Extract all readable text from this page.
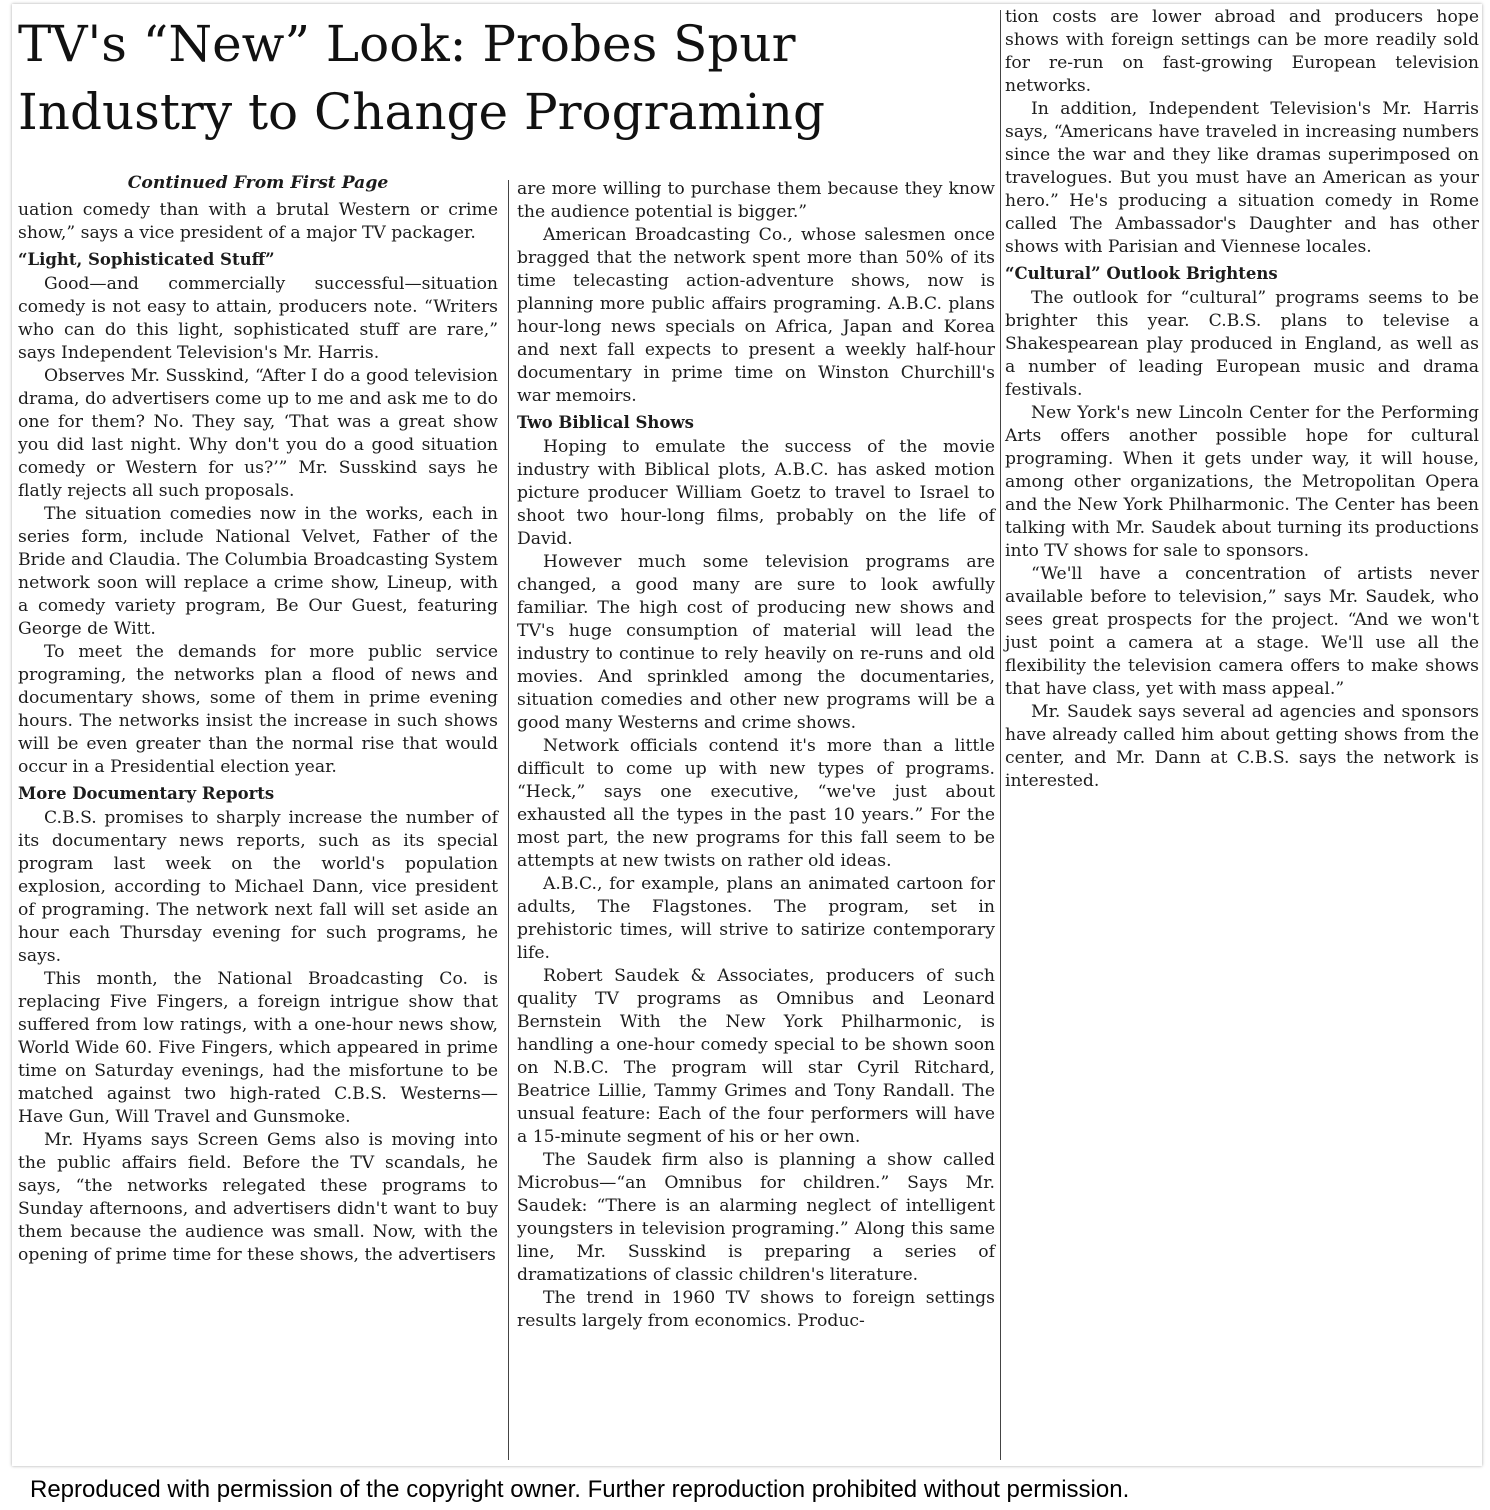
TV's “New” Look: Probes Spur Industry to Change Programing

Continued From First Page

uation comedy than with a brutal Western or crime show,” says a vice president of a major TV packager.

“Light, Sophisticated Stuff”

Good—and commercially successful—situation comedy is not easy to attain, producers note. “Writers who can do this light, sophisticated stuff are rare,” says Independent Television's Mr. Harris.

Observes Mr. Susskind, “After I do a good television drama, do advertisers come up to me and ask me to do one for them? No. They say, ‘That was a great show you did last night. Why don't you do a good situation comedy or Western for us?’” Mr. Susskind says he flatly rejects all such proposals.

The situation comedies now in the works, each in series form, include National Velvet, Father of the Bride and Claudia. The Columbia Broadcasting System network soon will replace a crime show, Lineup, with a comedy variety program, Be Our Guest, featuring George de Witt.

To meet the demands for more public service programing, the networks plan a flood of news and documentary shows, some of them in prime evening hours. The networks insist the increase in such shows will be even greater than the normal rise that would occur in a Presidential election year.

More Documentary Reports

C.B.S. promises to sharply increase the number of its documentary news reports, such as its special program last week on the world's population explosion, according to Michael Dann, vice president of programing. The network next fall will set aside an hour each Thursday evening for such programs, he says.

This month, the National Broadcasting Co. is replacing Five Fingers, a foreign intrigue show that suffered from low ratings, with a one-hour news show, World Wide 60. Five Fingers, which appeared in prime time on Saturday evenings, had the misfortune to be matched against two high-rated C.B.S. Westerns—Have Gun, Will Travel and Gunsmoke.

Mr. Hyams says Screen Gems also is moving into the public affairs field. Before the TV scandals, he says, “the networks relegated these programs to Sunday afternoons, and advertisers didn't want to buy them because the audience was small. Now, with the opening of prime time for these shows, the advertisers

are more willing to purchase them because they know the audience potential is bigger.”

American Broadcasting Co., whose salesmen once bragged that the network spent more than 50% of its time telecasting action-adventure shows, now is planning more public affairs programing. A.B.C. plans hour-long news specials on Africa, Japan and Korea and next fall expects to present a weekly half-hour documentary in prime time on Winston Churchill's war memoirs.

Two Biblical Shows

Hoping to emulate the success of the movie industry with Biblical plots, A.B.C. has asked motion picture producer William Goetz to travel to Israel to shoot two hour-long films, probably on the life of David.

However much some television programs are changed, a good many are sure to look awfully familiar. The high cost of producing new shows and TV's huge consumption of material will lead the industry to continue to rely heavily on re-runs and old movies. And sprinkled among the documentaries, situation comedies and other new programs will be a good many Westerns and crime shows.

Network officials contend it's more than a little difficult to come up with new types of programs. “Heck,” says one executive, “we've just about exhausted all the types in the past 10 years.” For the most part, the new programs for this fall seem to be attempts at new twists on rather old ideas.

A.B.C., for example, plans an animated cartoon for adults, The Flagstones. The program, set in prehistoric times, will strive to satirize contemporary life.

Robert Saudek & Associates, producers of such quality TV programs as Omnibus and Leonard Bernstein With the New York Philharmonic, is handling a one-hour comedy special to be shown soon on N.B.C. The program will star Cyril Ritchard, Beatrice Lillie, Tammy Grimes and Tony Randall. The unsual feature: Each of the four performers will have a 15-minute segment of his or her own.

The Saudek firm also is planning a show called Microbus—“an Omnibus for children.” Says Mr. Saudek: “There is an alarming neglect of intelligent youngsters in television programing.” Along this same line, Mr. Susskind is preparing a series of dramatizations of classic children's literature.

The trend in 1960 TV shows to foreign settings results largely from economics. Produc-

tion costs are lower abroad and producers hope shows with foreign settings can be more readily sold for re-run on fast-growing European television networks.

In addition, Independent Television's Mr. Harris says, “Americans have traveled in increasing numbers since the war and they like dramas superimposed on travelogues. But you must have an American as your hero.” He's producing a situation comedy in Rome called The Ambassador's Daughter and has other shows with Parisian and Viennese locales.

“Cultural” Outlook Brightens

The outlook for “cultural” programs seems to be brighter this year. C.B.S. plans to televise a Shakespearean play produced in England, as well as a number of leading European music and drama festivals.

New York's new Lincoln Center for the Performing Arts offers another possible hope for cultural programing. When it gets under way, it will house, among other organizations, the Metropolitan Opera and the New York Philharmonic. The Center has been talking with Mr. Saudek about turning its productions into TV shows for sale to sponsors.

“We'll have a concentration of artists never available before to television,” says Mr. Saudek, who sees great prospects for the project. “And we won't just point a camera at a stage. We'll use all the flexibility the television camera offers to make shows that have class, yet with mass appeal.”

Mr. Saudek says several ad agencies and sponsors have already called him about getting shows from the center, and Mr. Dann at C.B.S. says the network is interested.

Reproduced with permission of the copyright owner. Further reproduction prohibited without permission.
